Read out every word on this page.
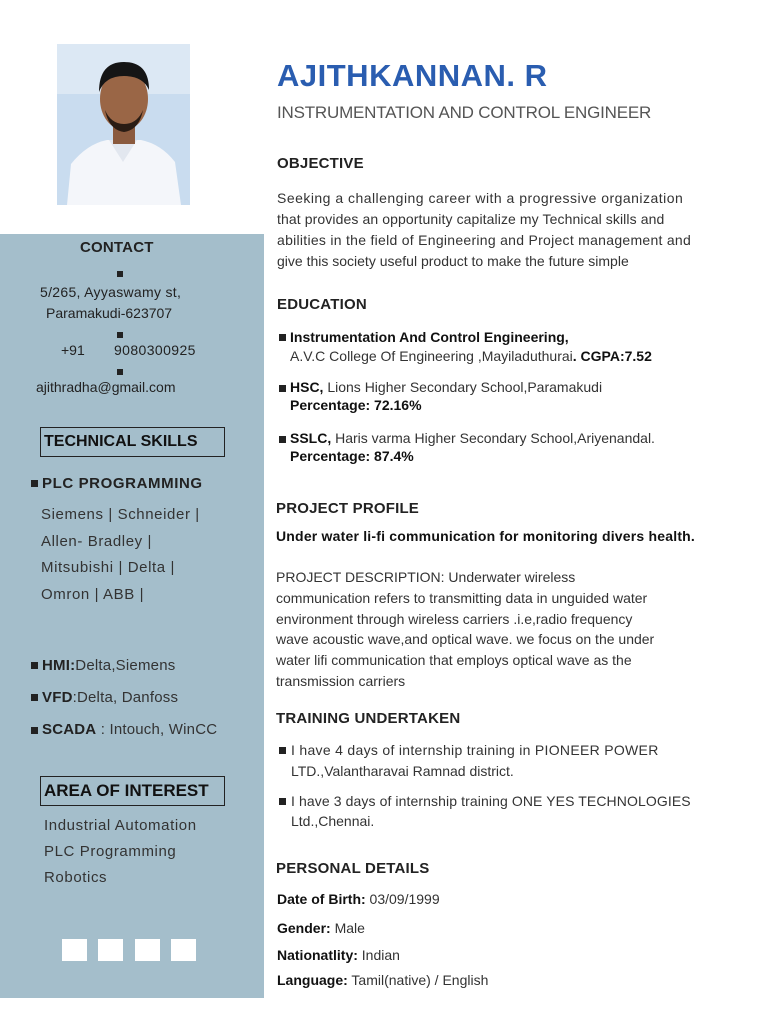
AJITHKANNAN. R
INSTRUMENTATION AND CONTROL ENGINEER
CONTACT
5/265, Ayyaswamy st,
Paramakudi-623707
+91 9080300925
ajithradha@gmail.com
TECHNICAL SKILLS
PLC PROGRAMMING
Siemens | Schneider |
Allen- Bradley |
Mitsubishi | Delta |
Omron | ABB |
HMI:Delta,Siemens
VFD:Delta, Danfoss
SCADA : Intouch, WinCC
AREA OF INTEREST
Industrial Automation
PLC Programming
Robotics
OBJECTIVE
Seeking a challenging career with a progressive organization
that provides an opportunity capitalize my Technical skills and
abilities in the field of Engineering and Project management and
give this society useful product to make the future simple
EDUCATION
Instrumentation And Control Engineering,
A.V.C College Of Engineering ,Mayiladuthurai. CGPA:7.52
HSC, Lions Higher Secondary School,Paramakudi
Percentage: 72.16%
SSLC, Haris varma Higher Secondary School,Ariyenandal.
Percentage: 87.4%
PROJECT PROFILE
Under water li-fi communication for monitoring divers health.
PROJECT DESCRIPTION: Underwater wireless
communication refers to transmitting data in unguided water
environment through wireless carriers .i.e,radio frequency
wave acoustic wave,and optical wave. we focus on the under
water lifi communication that employs optical wave as the
transmission carriers
TRAINING UNDERTAKEN
I have 4 days of internship training in PIONEER POWER
LTD.,Valantharavai Ramnad district.
I have 3 days of internship training ONE YES TECHNOLOGIES
Ltd.,Chennai.
PERSONAL DETAILS
Date of Birth: 03/09/1999
Gender: Male
Nationatlity: Indian
Language: Tamil(native) / English
